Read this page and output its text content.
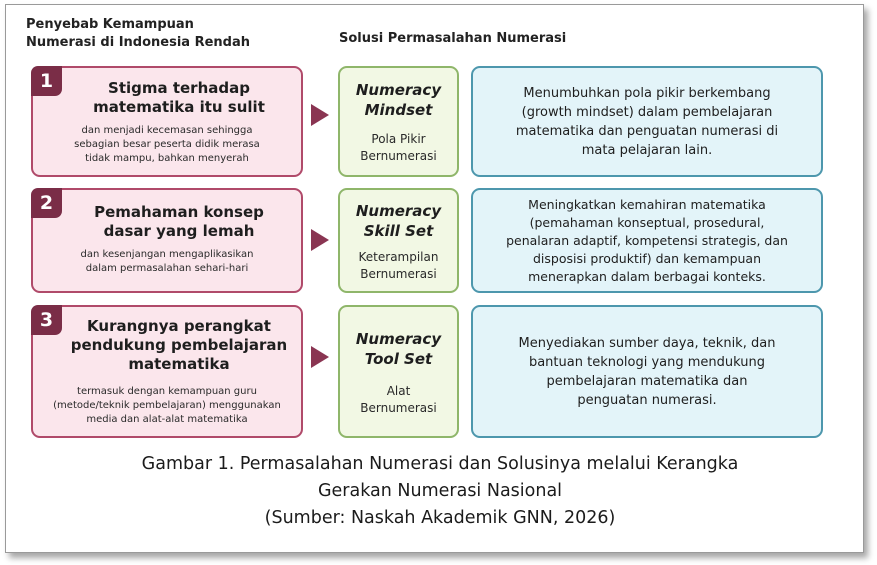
Penyebab Kemampuan
Numerasi di Indonesia Rendah	Solusi Permasalahan Numerasi
1	Stigma terhadap
matematika itu sulit
dan menjadi kecemasan sehingga
sebagian besar peserta didik merasa
tidak mampu, bahkan menyerah
Numeracy
Mindset
Pola Pikir
Bernumerasi
Menumbuhkan pola pikir berkembang
(growth mindset) dalam pembelajaran
matematika dan penguatan numerasi di
mata pelajaran lain.
2	Pemahaman konsep
dasar yang lemah
dan kesenjangan mengaplikasikan
dalam permasalahan sehari-hari
Numeracy
Skill Set
Keterampilan
Bernumerasi
Meningkatkan kemahiran matematika
(pemahaman konseptual, prosedural,
penalaran adaptif, kompetensi strategis, dan
disposisi produktif) dan kemampuan
menerapkan dalam berbagai konteks.
3	Kurangnya perangkat
pendukung pembelajaran
matematika
termasuk dengan kemampuan guru
(metode/teknik pembelajaran) menggunakan
media dan alat-alat matematika
Numeracy
Tool Set
Alat
Bernumerasi
Menyediakan sumber daya, teknik, dan
bantuan teknologi yang mendukung
pembelajaran matematika dan
penguatan numerasi.
Gambar 1. Permasalahan Numerasi dan Solusinya melalui Kerangka
Gerakan Numerasi Nasional
(Sumber: Naskah Akademik GNN, 2026)
